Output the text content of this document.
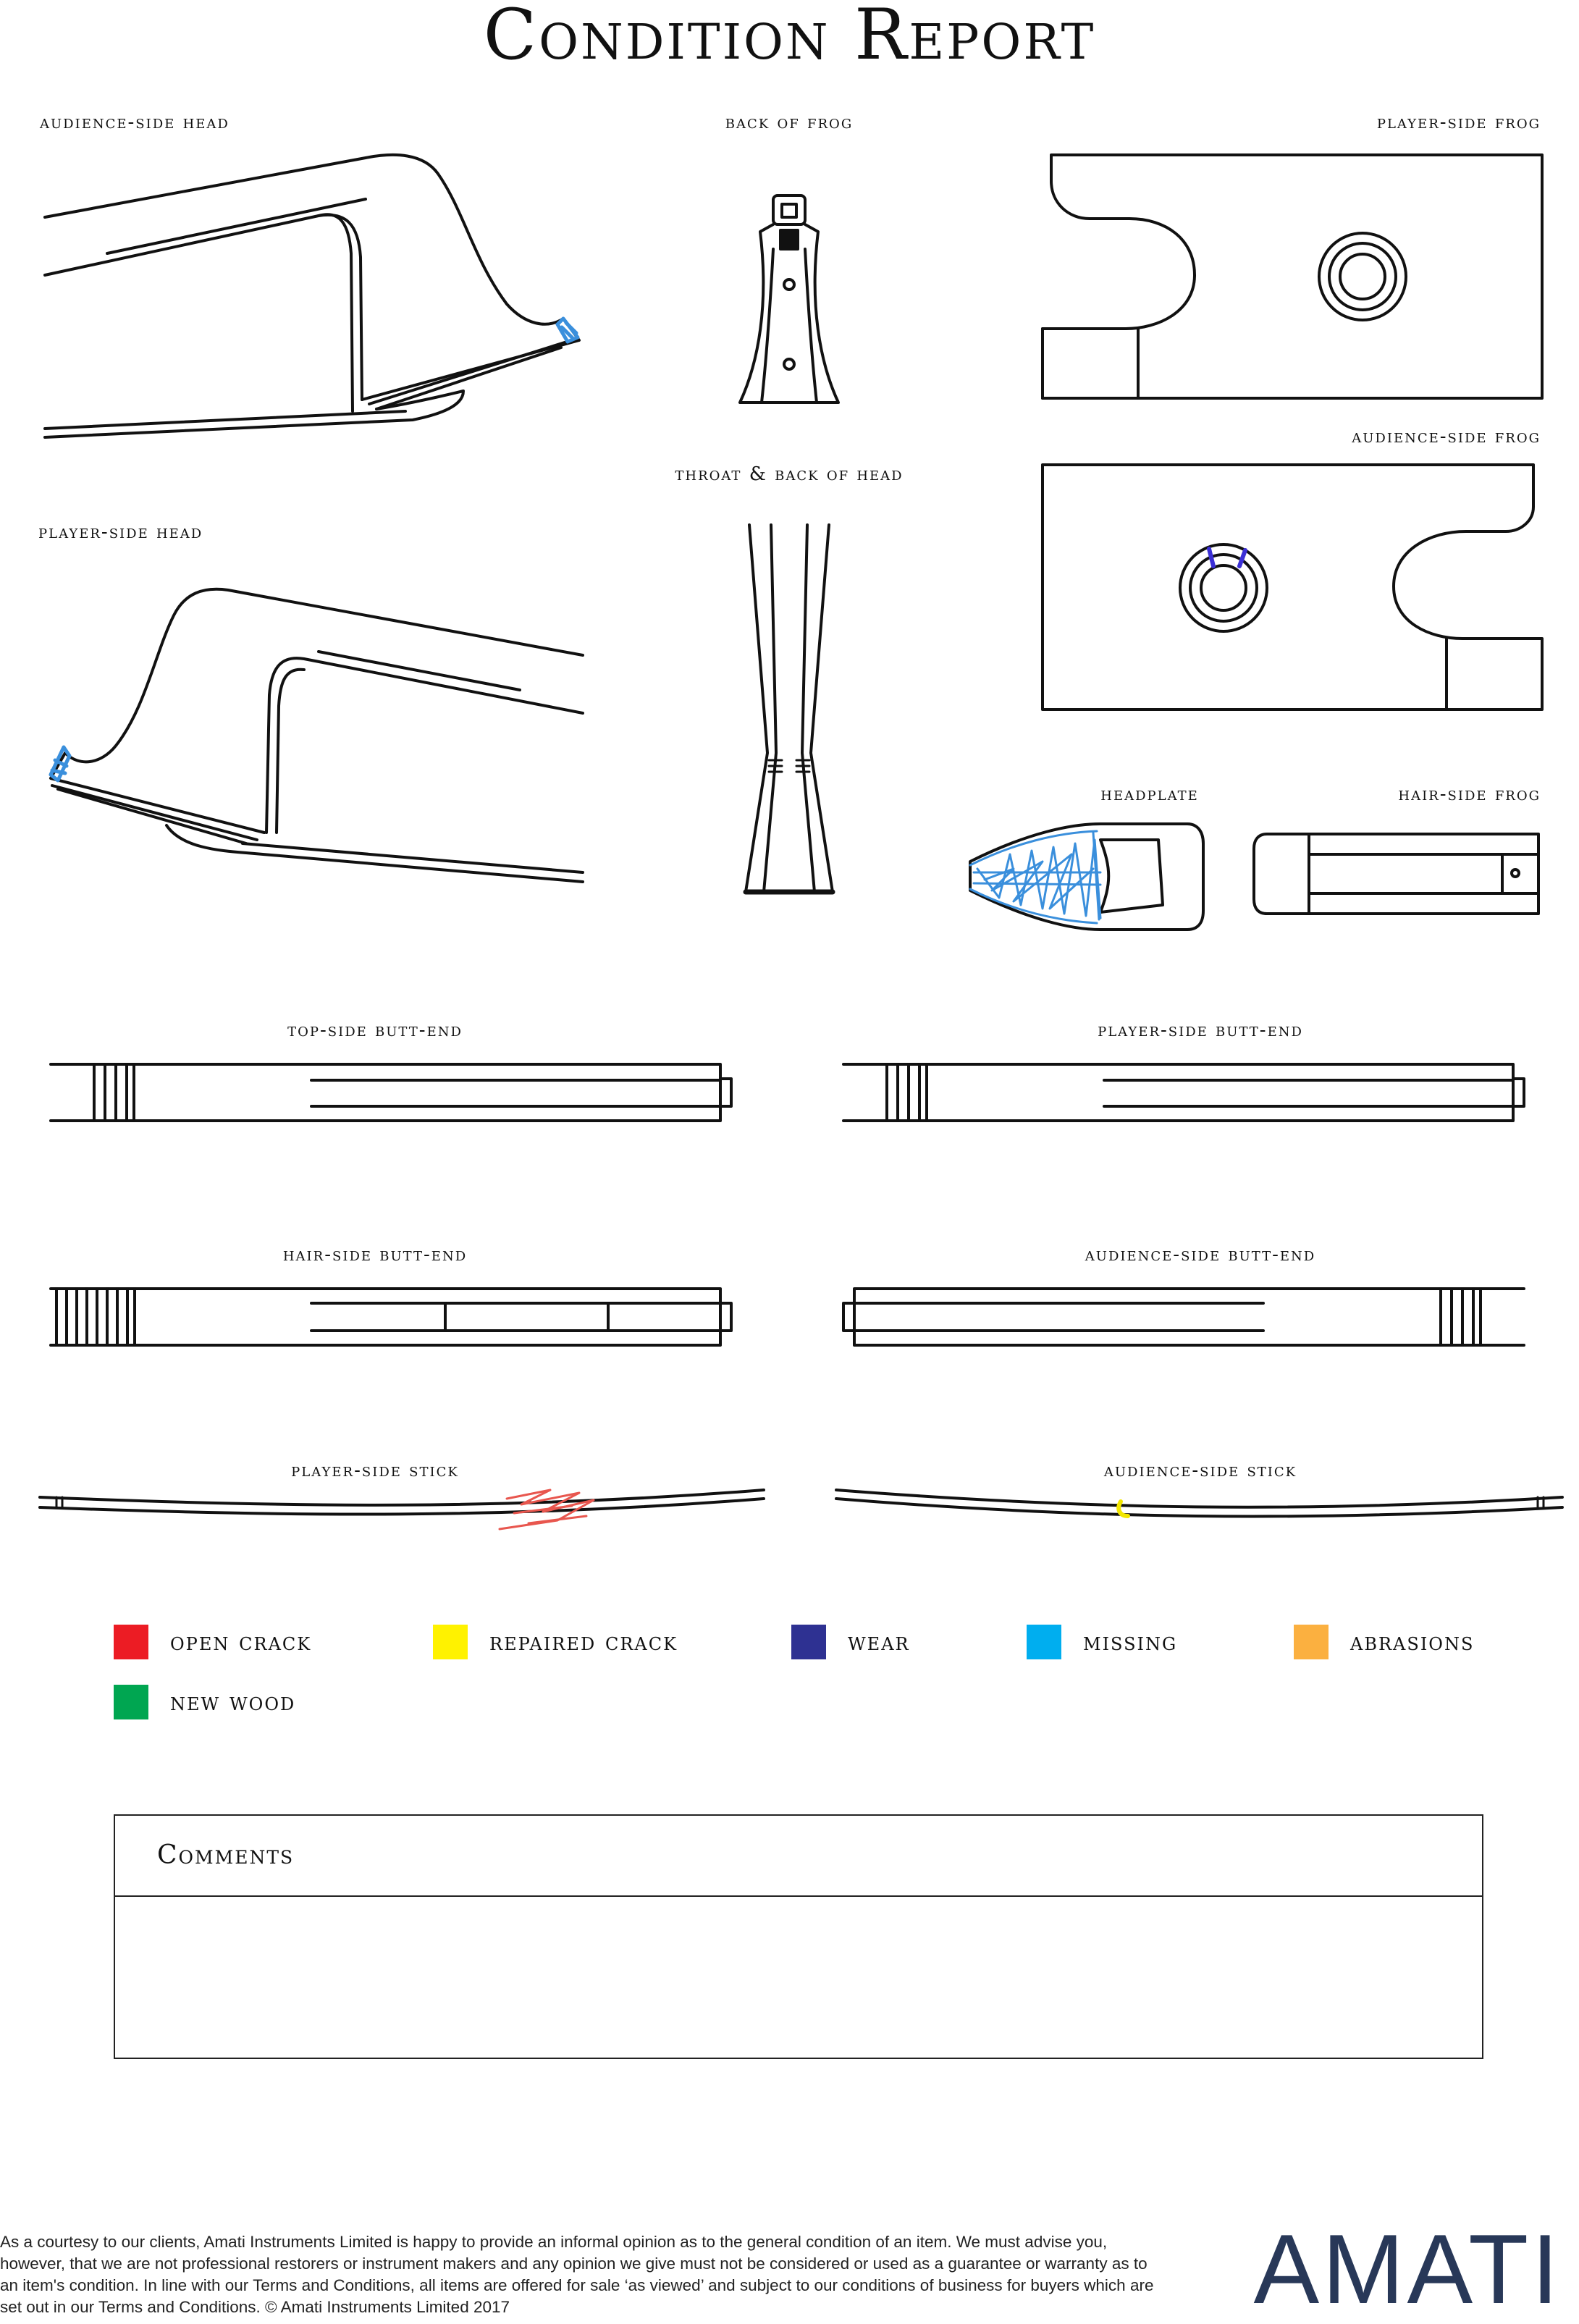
Condition Report
audience-side head	back of frog	player-side frog
audience-side frog
throat & back of head
player-side head
headplate	hair-side frog
top-side butt-end	player-side butt-end
hair-side butt-end	audience-side butt-end
player-side stick	audience-side stick
open crack	repaired crack	wear	missing	abrasions
new wood
Comments
As a courtesy to our clients, Amati Instruments Limited is happy to provide an informal opinion as to the general condition of an item. We must advise you, however, that we are not professional restorers or instrument makers and any opinion we give must not be considered or used as a guarantee or warranty as to an item's condition. In line with our Terms and Conditions, all items are offered for sale ‘as viewed’ and subject to our conditions of business for buyers which are set out in our Terms and Conditions. © Amati Instruments Limited 2017	AMATI
